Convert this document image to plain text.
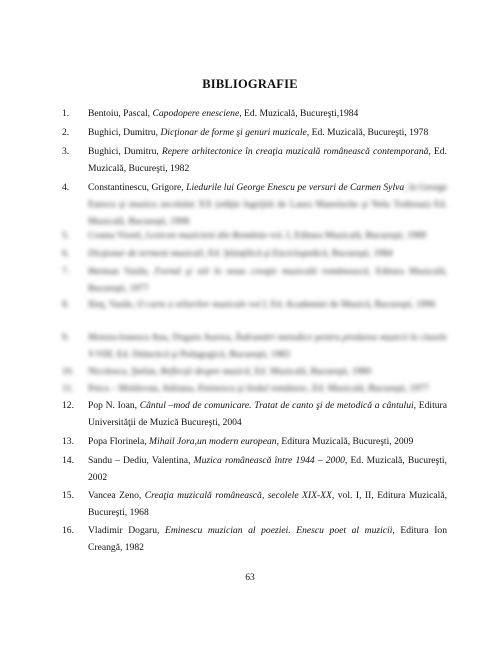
BIBLIOGRAFIE
1.	Bentoiu, Pascal, Capodopere enesciene, Ed. Muzicală, Bucureşti,1984
2.	Bughici, Dumitru, Dicţionar de forme şi genuri muzicale, Ed. Muzicală, Bucureşti, 1978
3.	Bughici, Dumitru, Repere arhitectonice în creaţia muzicală românească contemporană, Ed. Muzicală, Bucureşti, 1982
4.	Constantinescu, Grigore, Liedurile lui George Enescu pe versuri de Carmen Sylva, în George Enescu şi muzica secolului XX (ediţie îngrijită de Laura Manolache şi Nelu Todirean) Ed. Muzicală, Bucureşti, 1998
5.	Cosma Viorel, Lexicon muzicieni din România vol. I, Editura Muzicală, Bucureşti, 1989
6.	Dicţionar de termeni muzicali, Ed. Ştiinţifică şi Enciclopedică, Bucureşti, 1984
7.	Herman Vasile, Formă şi stil în noua creaţie muzicală românească, Editura Muzicală, Bucureşti, 1977
8.	Iliuţ, Vasile, O carte a stilurilor muzicale vol I, Ed. Academiei de Muzică, Bucureşti, 1996
9.	Motora-Ionescu Ana, Dogaru Aurora, Îndrumări metodice pentru predarea muzicii în clasele V-VIII, Ed. Didactică şi Pedagogică, Bucureşti, 1983
10.	Nicolescu, Ştefan, Reflecţii despre muzică, Ed. Muzicală, Bucureşti, 1980
11.	Peica – Moldovan, Adriana, Eminescu şi liedul românesc, Ed. Muzicală, Bucureşti, 1977
12.	Pop N. Ioan, Cântul –mod de comunicare. Tratat de canto şi de metodică a cântului, Editura Universităţii de Muzică Bucureşti, 2004
13.	Popa Florinela, Mihail Jora,un modern european, Editura Muzicală, Bucureşti, 2009
14.	Sandu – Dediu, Valentina, Muzica românească între 1944 – 2000, Ed. Muzicală, Bucureşti, 2002
15.	Vancea Zeno, Creaţia muzicală românească, secolele XIX-XX, vol. I, II, Editura Muzicală, Bucureşti, 1968
16.	Vladimir Dogaru, Eminescu muzician al poeziei. Enescu poet al muzicii, Editura Ion Creangă, 1982
63
